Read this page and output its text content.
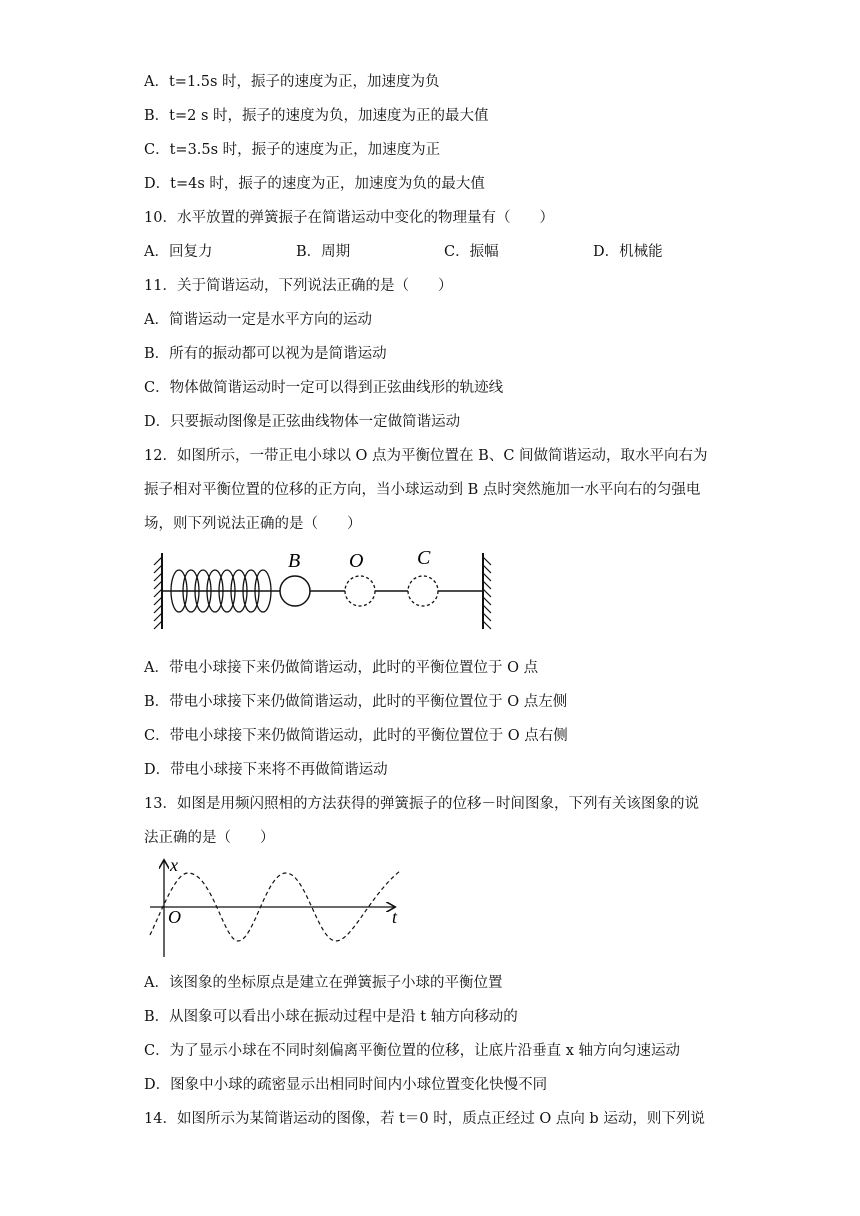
A．t=1.5s 时，振子的速度为正，加速度为负
B．t=2 s 时，振子的速度为负，加速度为正的最大值
C．t=3.5s 时，振子的速度为正，加速度为正
D．t=4s 时，振子的速度为正，加速度为负的最大值
10．水平放置的弹簧振子在简谐运动中变化的物理量有（　　）
A．回复力	B．周期	C．振幅	D．机械能
11．关于简谐运动，下列说法正确的是（　　）
A．简谐运动一定是水平方向的运动
B．所有的振动都可以视为是简谐运动
C．物体做简谐运动时一定可以得到正弦曲线形的轨迹线
D．只要振动图像是正弦曲线物体一定做简谐运动
12．如图所示，一带正电小球以 O 点为平衡位置在 B、C 间做简谐运动，取水平向右为
振子相对平衡位置的位移的正方向，当小球运动到 B 点时突然施加一水平向右的匀强电
场，则下列说法正确的是（　　）
B O	C
A．带电小球接下来仍做简谐运动，此时的平衡位置位于 O 点
B．带电小球接下来仍做简谐运动，此时的平衡位置位于 O 点左侧
C．带电小球接下来仍做简谐运动，此时的平衡位置位于 O 点右侧
D．带电小球接下来将不再做简谐运动
13．如图是用频闪照相的方法获得的弹簧振子的位移－时间图象，下列有关该图象的说
法正确的是（　　）
x
t
O
A．该图象的坐标原点是建立在弹簧振子小球的平衡位置
B．从图象可以看出小球在振动过程中是沿 t 轴方向移动的
C．为了显示小球在不同时刻偏离平衡位置的位移，让底片沿垂直 x 轴方向匀速运动
D．图象中小球的疏密显示出相同时间内小球位置变化快慢不同
14．如图所示为某简谐运动的图像，若 t＝0 时，质点正经过 O 点向 b 运动，则下列说
